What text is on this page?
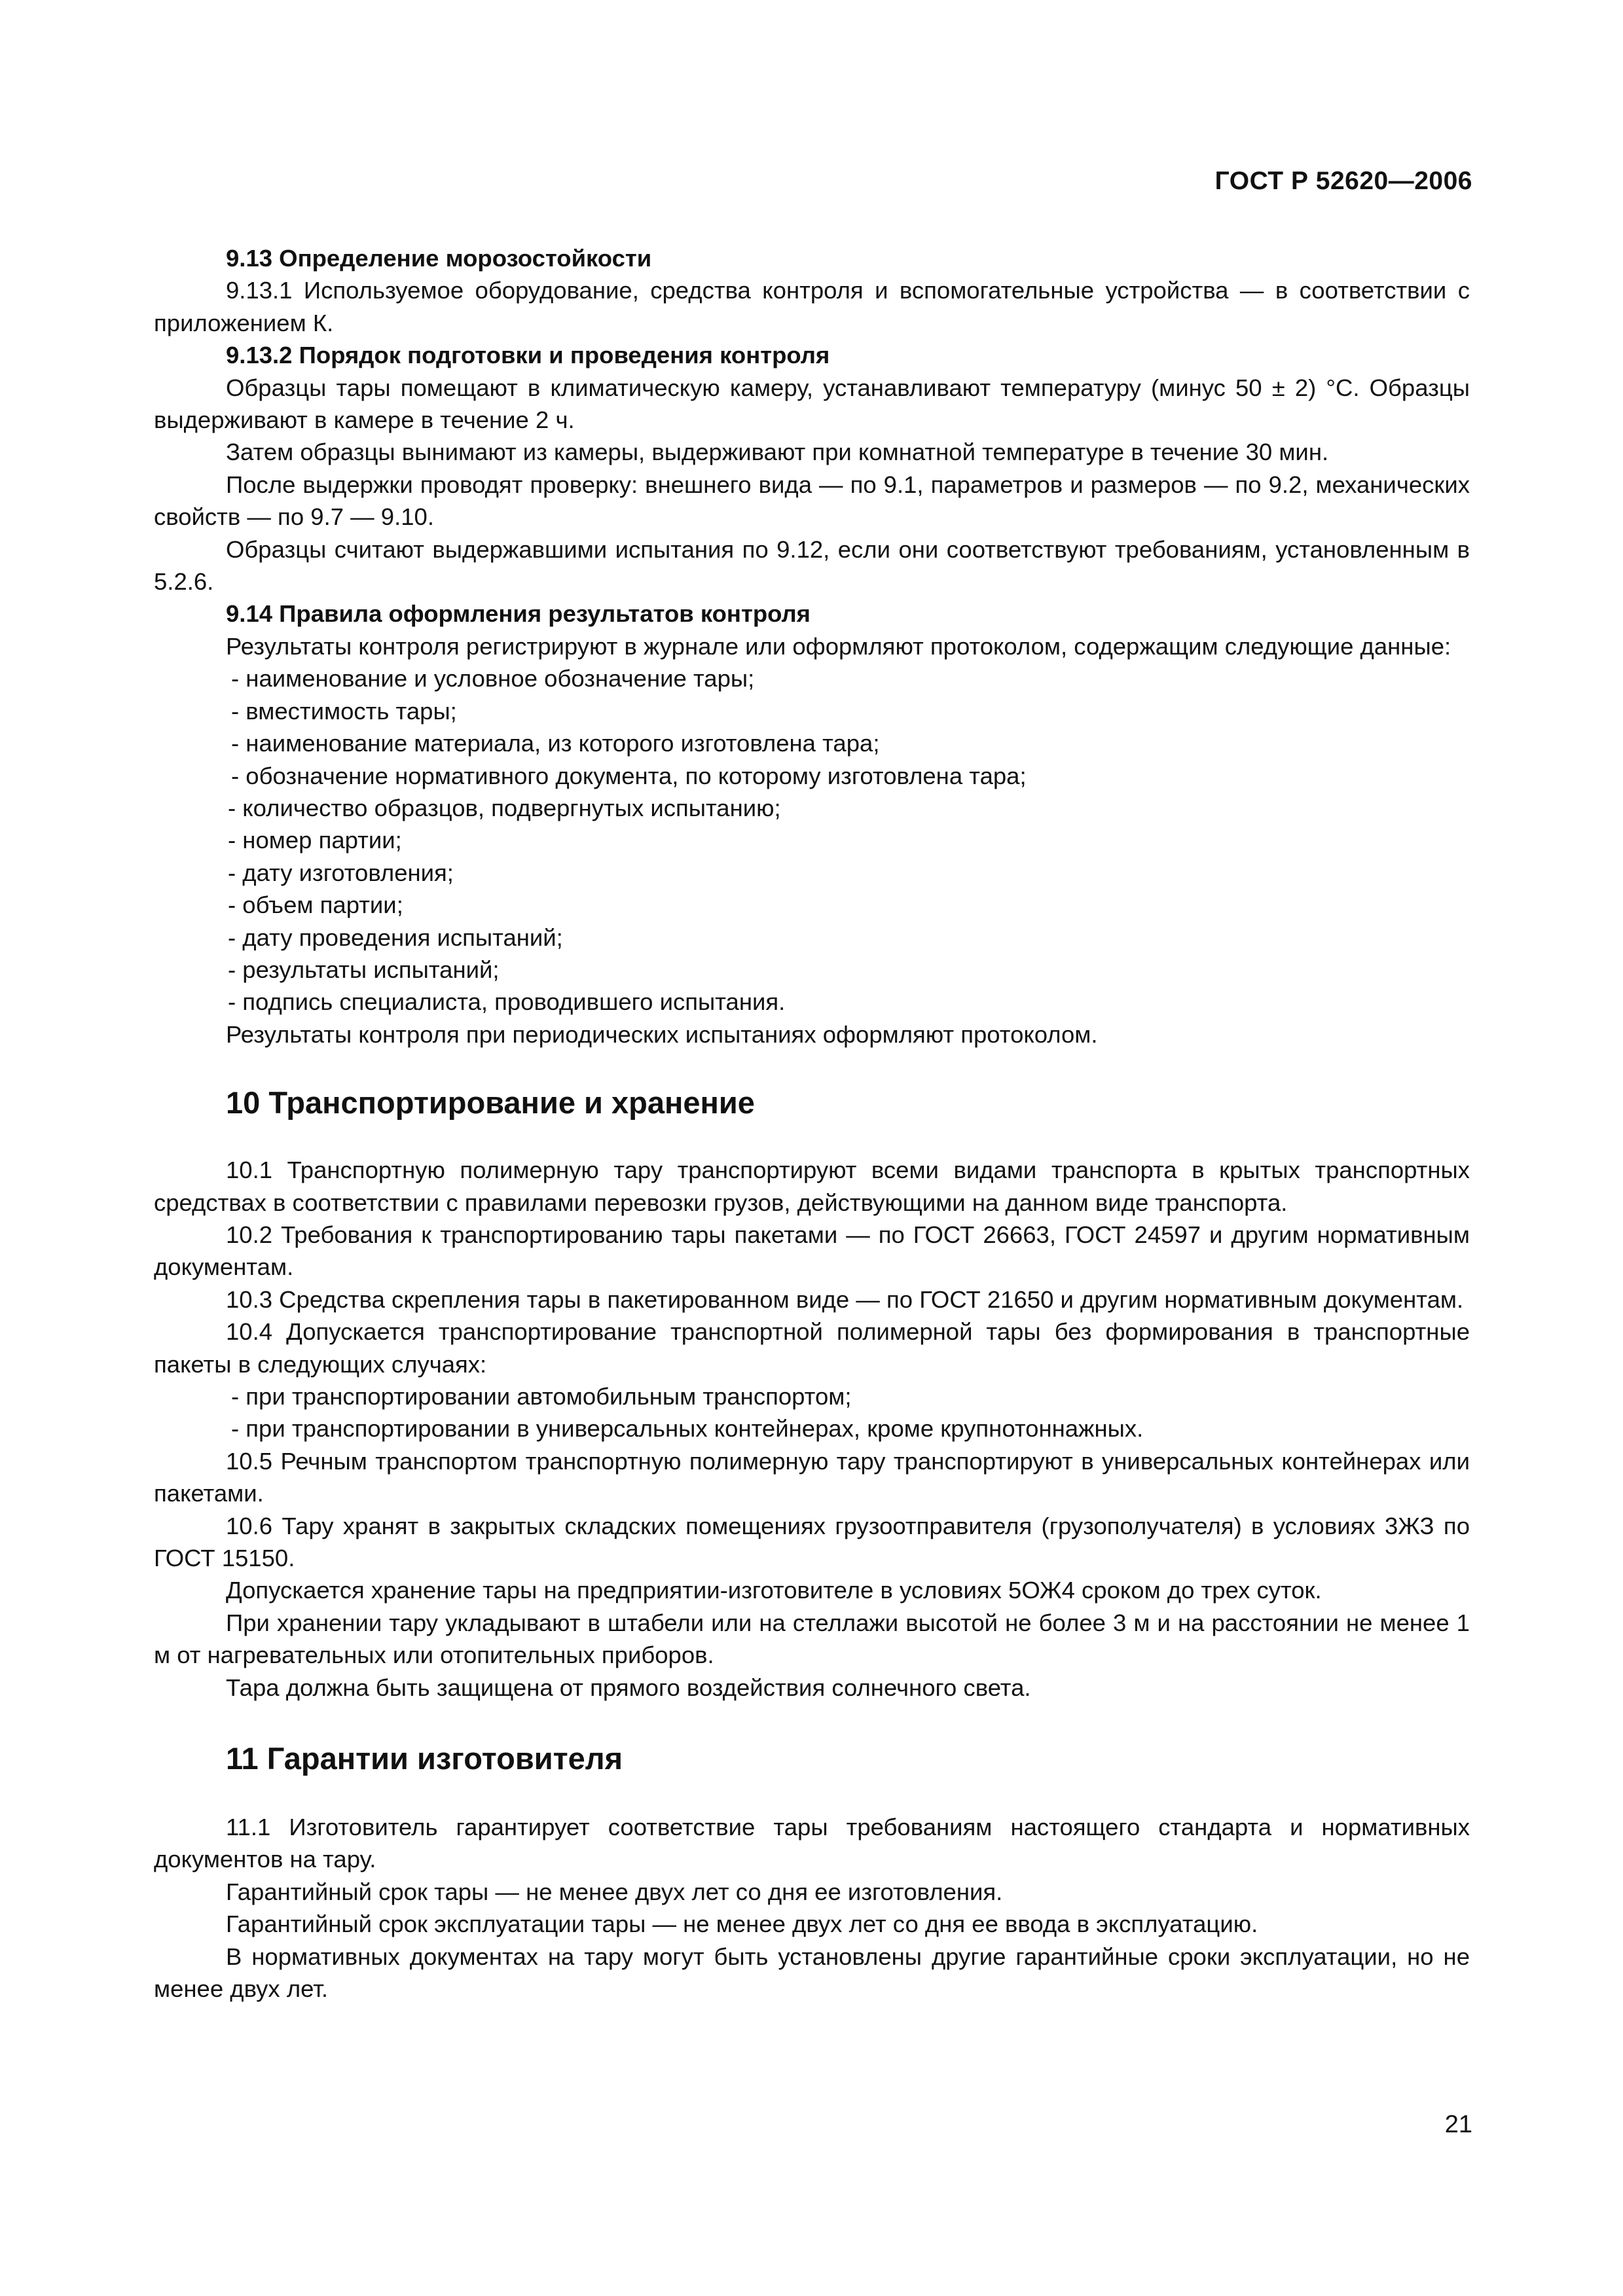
ГОСТ Р 52620—2006
9.13 Определение морозостойкости
9.13.1 Используемое оборудование, средства контроля и вспомогательные устройства — в соответствии с приложением К.
9.13.2 Порядок подготовки и проведения контроля
Образцы тары помещают в климатическую камеру, устанавливают температуру (минус 50 ± 2) °С. Образцы выдерживают в камере в течение 2 ч.
Затем образцы вынимают из камеры, выдерживают при комнатной температуре в течение 30 мин.
После выдержки проводят проверку: внешнего вида — по 9.1, параметров и размеров — по 9.2, механических свойств — по 9.7 — 9.10.
Образцы считают выдержавшими испытания по 9.12, если они соответствуют требованиям, установленным в 5.2.6.
9.14 Правила оформления результатов контроля
Результаты контроля регистрируют в журнале или оформляют протоколом, содержащим следующие данные:
- наименование и условное обозначение тары;
- вместимость тары;
- наименование материала, из которого изготовлена тара;
- обозначение нормативного документа, по которому изготовлена тара;
- количество образцов, подвергнутых испытанию;
- номер партии;
- дату изготовления;
- объем партии;
- дату проведения испытаний;
- результаты испытаний;
- подпись специалиста, проводившего испытания.
Результаты контроля при периодических испытаниях оформляют протоколом.
10 Транспортирование и хранение
10.1 Транспортную полимерную тару транспортируют всеми видами транспорта в крытых транспортных средствах в соответствии с правилами перевозки грузов, действующими на данном виде транспорта.
10.2 Требования к транспортированию тары пакетами — по ГОСТ 26663, ГОСТ 24597 и другим нормативным документам.
10.3 Средства скрепления тары в пакетированном виде — по ГОСТ 21650 и другим нормативным документам.
10.4 Допускается транспортирование транспортной полимерной тары без формирования в транспортные пакеты в следующих случаях:
- при транспортировании автомобильным транспортом;
- при транспортировании в универсальных контейнерах, кроме крупнотоннажных.
10.5 Речным транспортом транспортную полимерную тару транспортируют в универсальных контейнерах или пакетами.
10.6 Тару хранят в закрытых складских помещениях грузоотправителя (грузополучателя) в условиях 3ЖЗ по ГОСТ 15150.
Допускается хранение тары на предприятии-изготовителе в условиях 5ОЖ4 сроком до трех суток.
При хранении тару укладывают в штабели или на стеллажи высотой не более 3 м и на расстоянии не менее 1 м от нагревательных или отопительных приборов.
Тара должна быть защищена от прямого воздействия солнечного света.
11 Гарантии изготовителя
11.1 Изготовитель гарантирует соответствие тары требованиям настоящего стандарта и нормативных документов на тару.
Гарантийный срок тары — не менее двух лет со дня ее изготовления.
Гарантийный срок эксплуатации тары — не менее двух лет со дня ее ввода в эксплуатацию.
В нормативных документах на тару могут быть установлены другие гарантийные сроки эксплуатации, но не менее двух лет.
21
